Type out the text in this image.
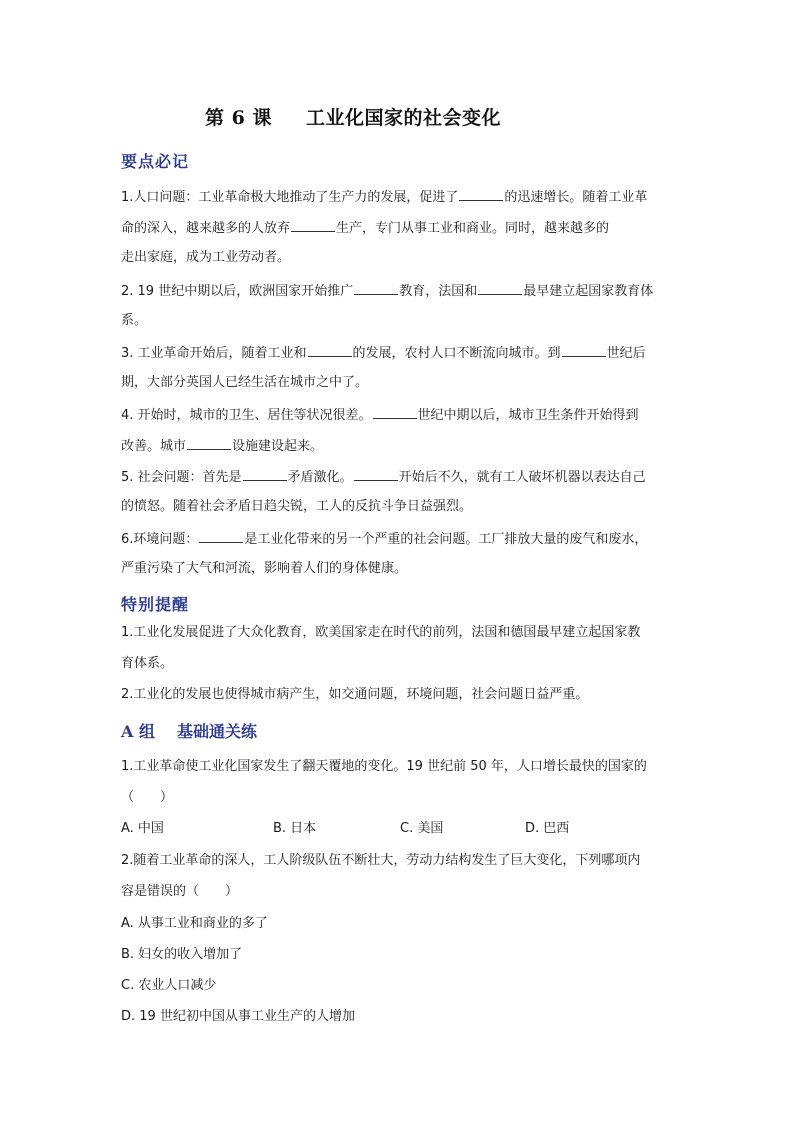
第 6 课 工业化国家的社会变化
要点必记
1.人口问题：工业革命极大地推动了生产力的发展，促进了	的迅速增长。随着工业革
命的深入，越来越多的人放弃	生产，专门从事工业和商业。同时，越来越多的
走出家庭，成为工业劳动者。
2. 19 世纪中期以后，欧洲国家开始推广	教育，法国和	最早建立起国家教育体
系。
3. 工业革命开始后，随着工业和	的发展，农村人口不断流向城市。到	世纪后
期，大部分英国人已经生活在城市之中了。
4. 开始时，城市的卫生、居住等状况很差。	世纪中期以后，城市卫生条件开始得到
改善。城市	设施建设起来。
5. 社会问题：首先是	矛盾激化。	开始后不久，就有工人破坏机器以表达自己
的愤怒。随着社会矛盾日趋尖锐，工人的反抗斗争日益强烈。
6.环境问题：	是工业化带来的另一个严重的社会问题。工厂排放大量的废气和废水，
严重污染了大气和河流，影响着人们的身体健康。
特别提醒
1.工业化发展促进了大众化教育，欧美国家走在时代的前列，法国和德国最早建立起国家教
育体系。
2.工业化的发展也使得城市病产生，如交通问题，环境问题，社会问题日益严重。
A 组 基础通关练
1.工业革命使工业化国家发生了翻天覆地的变化。19 世纪前 50 年，人口增长最快的国家的
（　　）
A. 中国	B. 日本	C. 美国	D. 巴西
2.随着工业革命的深人，工人阶级队伍不断壮大，劳动力结构发生了巨大变化，下列哪项内
容是错误的（　　）
A. 从事工业和商业的多了
B. 妇女的收入增加了
C. 农业人口减少
D. 19 世纪初中国从事工业生产的人增加
